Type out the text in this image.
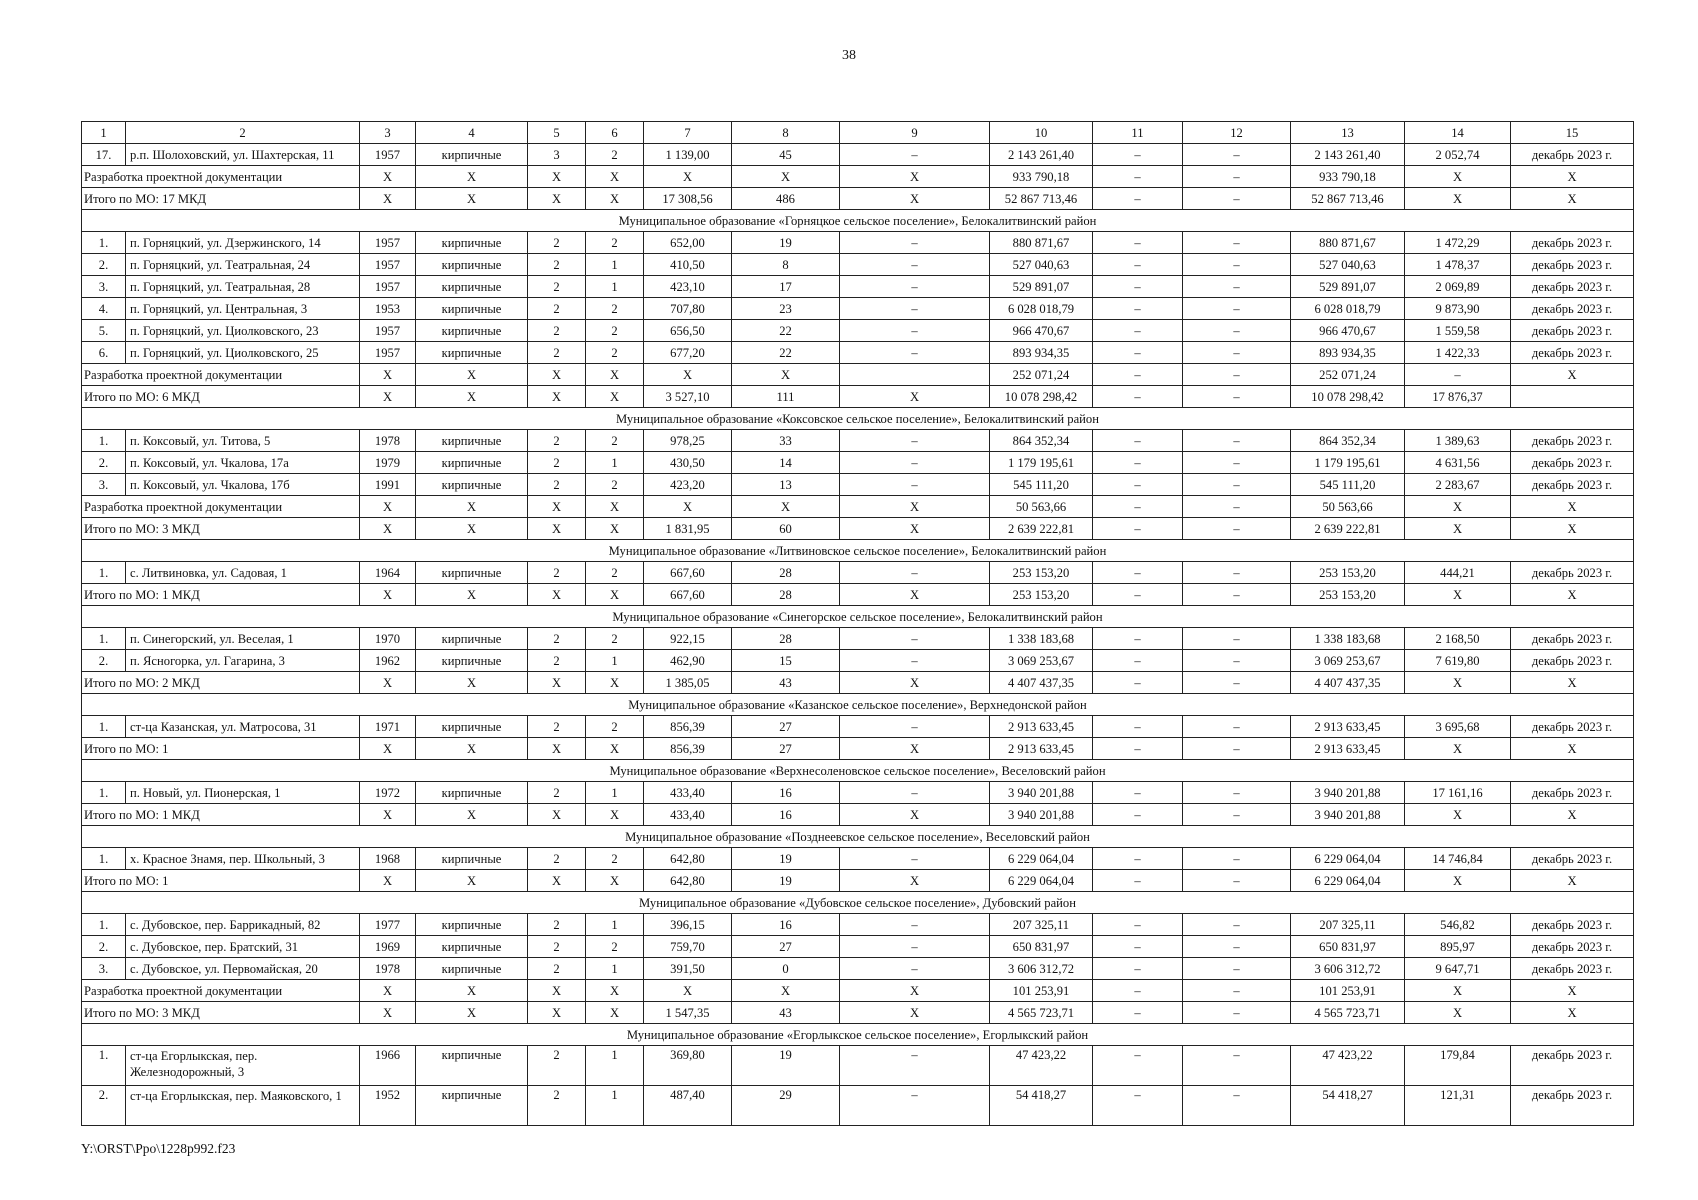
38
1	2	3	4	5	6	7	8	9	10	11	12	13	14	15
17.	р.п. Шолоховский, ул. Шахтерская, 11	1957	кирпичные	3	2	1 139,00	45	–	2 143 261,40	–	–	2 143 261,40	2 052,74	декабрь 2023 г.
Разработка проектной документации		X	X	X	X	X	X	X	933 790,18	–	–	933 790,18	X	X
Итого по МО: 17 МКД		X	X	X	X	17 308,56	486	X	52 867 713,46	–	–	52 867 713,46	X	X
Муниципальное образование «Горняцкое сельское поселение», Белокалитвинский район														
1.	п. Горняцкий, ул. Дзержинского, 14	1957	кирпичные	2	2	652,00	19	–	880 871,67	–	–	880 871,67	1 472,29	декабрь 2023 г.
2.	п. Горняцкий, ул. Театральная, 24	1957	кирпичные	2	1	410,50	8	–	527 040,63	–	–	527 040,63	1 478,37	декабрь 2023 г.
3.	п. Горняцкий, ул. Театральная, 28	1957	кирпичные	2	1	423,10	17	–	529 891,07	–	–	529 891,07	2 069,89	декабрь 2023 г.
4.	п. Горняцкий, ул. Центральная, 3	1953	кирпичные	2	2	707,80	23	–	6 028 018,79	–	–	6 028 018,79	9 873,90	декабрь 2023 г.
5.	п. Горняцкий, ул. Циолковского, 23	1957	кирпичные	2	2	656,50	22	–	966 470,67	–	–	966 470,67	1 559,58	декабрь 2023 г.
6.	п. Горняцкий, ул. Циолковского, 25	1957	кирпичные	2	2	677,20	22	–	893 934,35	–	–	893 934,35	1 422,33	декабрь 2023 г.
Разработка проектной документации		X	X	X	X	X	X		252 071,24	–	–	252 071,24	–	X
Итого по МО: 6 МКД		X	X	X	X	3 527,10	111	X	10 078 298,42	–	–	10 078 298,42	17 876,37	
Муниципальное образование «Коксовское сельское поселение», Белокалитвинский район														
1.	п. Коксовый, ул. Титова, 5	1978	кирпичные	2	2	978,25	33	–	864 352,34	–	–	864 352,34	1 389,63	декабрь 2023 г.
2.	п. Коксовый, ул. Чкалова, 17а	1979	кирпичные	2	1	430,50	14	–	1 179 195,61	–	–	1 179 195,61	4 631,56	декабрь 2023 г.
3.	п. Коксовый, ул. Чкалова, 17б	1991	кирпичные	2	2	423,20	13	–	545 111,20	–	–	545 111,20	2 283,67	декабрь 2023 г.
Разработка проектной документации		X	X	X	X	X	X	X	50 563,66	–	–	50 563,66	X	X
Итого по МО: 3 МКД		X	X	X	X	1 831,95	60	X	2 639 222,81	–	–	2 639 222,81	X	X
Муниципальное образование «Литвиновское сельское поселение», Белокалитвинский район														
1.	с. Литвиновка, ул. Садовая, 1	1964	кирпичные	2	2	667,60	28	–	253 153,20	–	–	253 153,20	444,21	декабрь 2023 г.
Итого по МО: 1 МКД		X	X	X	X	667,60	28	X	253 153,20	–	–	253 153,20	X	X
Муниципальное образование «Синегорское сельское поселение», Белокалитвинский район														
1.	п. Синегорский, ул. Веселая, 1	1970	кирпичные	2	2	922,15	28	–	1 338 183,68	–	–	1 338 183,68	2 168,50	декабрь 2023 г.
2.	п. Ясногорка, ул. Гагарина, 3	1962	кирпичные	2	1	462,90	15	–	3 069 253,67	–	–	3 069 253,67	7 619,80	декабрь 2023 г.
Итого по МО: 2 МКД		X	X	X	X	1 385,05	43	X	4 407 437,35	–	–	4 407 437,35	X	X
Муниципальное образование «Казанское сельское поселение», Верхнедонской район														
1.	ст-ца Казанская, ул. Матросова, 31	1971	кирпичные	2	2	856,39	27	–	2 913 633,45	–	–	2 913 633,45	3 695,68	декабрь 2023 г.
Итого по МО: 1		X	X	X	X	856,39	27	X	2 913 633,45	–	–	2 913 633,45	X	X
Муниципальное образование «Верхнесоленовское сельское поселение», Веселовский район														
1.	п. Новый, ул. Пионерская, 1	1972	кирпичные	2	1	433,40	16	–	3 940 201,88	–	–	3 940 201,88	17 161,16	декабрь 2023 г.
Итого по МО: 1 МКД		X	X	X	X	433,40	16	X	3 940 201,88	–	–	3 940 201,88	X	X
Муниципальное образование «Позднеевское сельское поселение», Веселовский район														
1.	х. Красное Знамя, пер. Школьный, 3	1968	кирпичные	2	2	642,80	19	–	6 229 064,04	–	–	6 229 064,04	14 746,84	декабрь 2023 г.
Итого по МО: 1		X	X	X	X	642,80	19	X	6 229 064,04	–	–	6 229 064,04	X	X
Муниципальное образование «Дубовское сельское поселение», Дубовский район														
1.	с. Дубовское, пер. Баррикадный, 82	1977	кирпичные	2	1	396,15	16	–	207 325,11	–	–	207 325,11	546,82	декабрь 2023 г.
2.	с. Дубовское, пер. Братский, 31	1969	кирпичные	2	2	759,70	27	–	650 831,97	–	–	650 831,97	895,97	декабрь 2023 г.
3.	с. Дубовское, ул. Первомайская, 20	1978	кирпичные	2	1	391,50	0	–	3 606 312,72	–	–	3 606 312,72	9 647,71	декабрь 2023 г.
Разработка проектной документации		X	X	X	X	X	X	X	101 253,91	–	–	101 253,91	X	X
Итого по МО: 3 МКД		X	X	X	X	1 547,35	43	X	4 565 723,71	–	–	4 565 723,71	X	X
Муниципальное образование «Егорлыкское сельское поселение», Егорлыкский район														
1.	ст-ца Егорлыкская, пер. Железнодорожный, 3	1966	кирпичные	2	1	369,80	19	–	47 423,22	–	–	47 423,22	179,84	декабрь 2023 г.
2.	ст-ца Егорлыкская, пер. Маяковского, 1	1952	кирпичные	2	1	487,40	29	–	54 418,27	–	–	54 418,27	121,31	декабрь 2023 г.
Y:\ORST\Ppo\1228p992.f23
